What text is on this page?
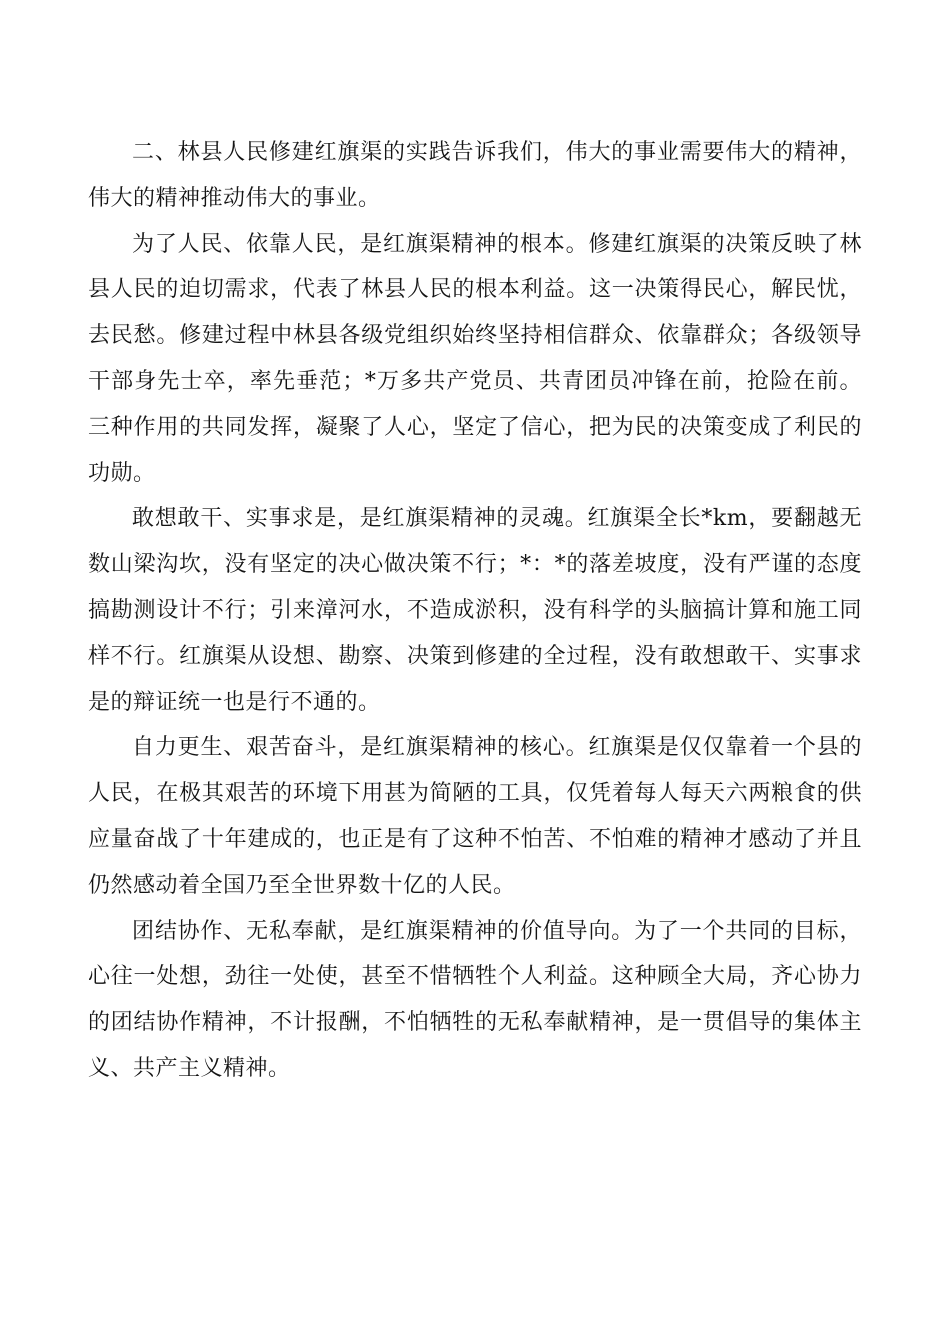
二、林县人民修建红旗渠的实践告诉我们，伟大的事业需要伟大的精神，伟大的精神推动伟大的事业。

为了人民、依靠人民，是红旗渠精神的根本。修建红旗渠的决策反映了林县人民的迫切需求，代表了林县人民的根本利益。这一决策得民心，解民忧，去民愁。修建过程中林县各级党组织始终坚持相信群众、依靠群众；各级领导干部身先士卒，率先垂范；*万多共产党员、共青团员冲锋在前，抢险在前。三种作用的共同发挥，凝聚了人心，坚定了信心，把为民的决策变成了利民的功勋。

敢想敢干、实事求是，是红旗渠精神的灵魂。红旗渠全长*km，要翻越无数山梁沟坎，没有坚定的决心做决策不行；*：*的落差坡度，没有严谨的态度搞勘测设计不行；引来漳河水，不造成淤积，没有科学的头脑搞计算和施工同样不行。红旗渠从设想、勘察、决策到修建的全过程，没有敢想敢干、实事求是的辩证统一也是行不通的。

自力更生、艰苦奋斗，是红旗渠精神的核心。红旗渠是仅仅靠着一个县的人民，在极其艰苦的环境下用甚为简陋的工具，仅凭着每人每天六两粮食的供应量奋战了十年建成的，也正是有了这种不怕苦、不怕难的精神才感动了并且仍然感动着全国乃至全世界数十亿的人民。

团结协作、无私奉献，是红旗渠精神的价值导向。为了一个共同的目标，心往一处想，劲往一处使，甚至不惜牺牲个人利益。这种顾全大局，齐心协力的团结协作精神，不计报酬，不怕牺牲的无私奉献精神，是一贯倡导的集体主义、共产主义精神。
